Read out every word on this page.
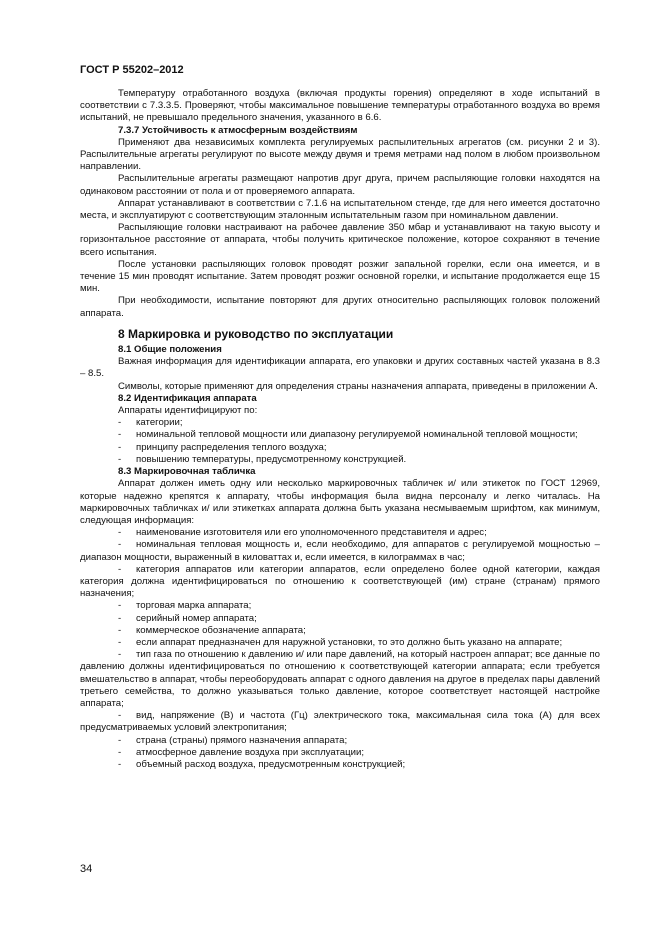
ГОСТ Р 55202–2012
Температуру отработанного воздуха (включая продукты горения) определяют в ходе испытаний в соответствии с 7.3.3.5. Проверяют, чтобы максимальное повышение температуры отработанного воздуха во время испытаний, не превышало предельного значения, указанного в 6.6.
7.3.7 Устойчивость к атмосферным воздействиям
Применяют два независимых комплекта регулируемых распылительных агрегатов (см. рисунки 2 и 3). Распылительные агрегаты регулируют по высоте между двумя и тремя метрами над полом в любом произвольном направлении.
Распылительные агрегаты размещают напротив друг друга, причем распыляющие головки находятся на одинаковом расстоянии от пола и от проверяемого аппарата.
Аппарат устанавливают в соответствии с 7.1.6 на испытательном стенде, где для него имеется достаточно места, и эксплуатируют с соответствующим эталонным испытательным газом при номинальном давлении.
Распыляющие головки настраивают на рабочее давление 350 мбар и устанавливают на такую высоту и горизонтальное расстояние от аппарата, чтобы получить критическое положение, которое сохраняют в течение всего испытания.
После установки распыляющих головок проводят розжиг запальной горелки, если она имеется, и в течение 15 мин проводят испытание. Затем проводят розжиг основной горелки, и испытание продолжается еще 15 мин.
При необходимости, испытание повторяют для других относительно распыляющих головок положений аппарата.
8 Маркировка и руководство по эксплуатации
8.1 Общие положения
Важная информация для идентификации аппарата, его упаковки и других составных частей указана в 8.3 – 8.5.
Символы, которые применяют для определения страны назначения аппарата, приведены в приложении А.
8.2 Идентификация аппарата
Аппараты идентифицируют по:
- категории;
- номинальной тепловой мощности или диапазону регулируемой номинальной тепловой мощности;
- принципу распределения теплого воздуха;
- повышению температуры, предусмотренному конструкцией.
8.3 Маркировочная табличка
Аппарат должен иметь одну или несколько маркировочных табличек и/ или этикеток по ГОСТ 12969, которые надежно крепятся к аппарату, чтобы информация была видна персоналу и легко читалась. На маркировочных табличках и/ или этикетках аппарата должна быть указана несмываемым шрифтом, как минимум, следующая информация:
- наименование изготовителя или его уполномоченного представителя и адрес;
- номинальная тепловая мощность и, если необходимо, для аппаратов с регулируемой мощностью – диапазон мощности, выраженный в киловаттах и, если имеется, в килограммах в час;
- категория аппаратов или категории аппаратов, если определено более одной категории, каждая категория должна идентифицироваться по отношению к соответствующей (им) стране (странам) прямого назначения;
- торговая марка аппарата;
- серийный номер аппарата;
- коммерческое обозначение аппарата;
- если аппарат предназначен для наружной установки, то это должно быть указано на аппарате;
- тип газа по отношению к давлению и/ или паре давлений, на который настроен аппарат; все данные по давлению должны идентифицироваться по отношению к соответствующей категории аппарата; если требуется вмешательство в аппарат, чтобы переоборудовать аппарат с одного давления на другое в пределах пары давлений третьего семейства, то должно указываться только давление, которое соответствует настоящей настройке аппарата;
- вид, напряжение (В) и частота (Гц) электрического тока, максимальная сила тока (А) для всех предусматриваемых условий электропитания;
- страна (страны) прямого назначения аппарата;
- атмосферное давление воздуха при эксплуатации;
- объемный расход воздуха, предусмотренным конструкцией;
34
